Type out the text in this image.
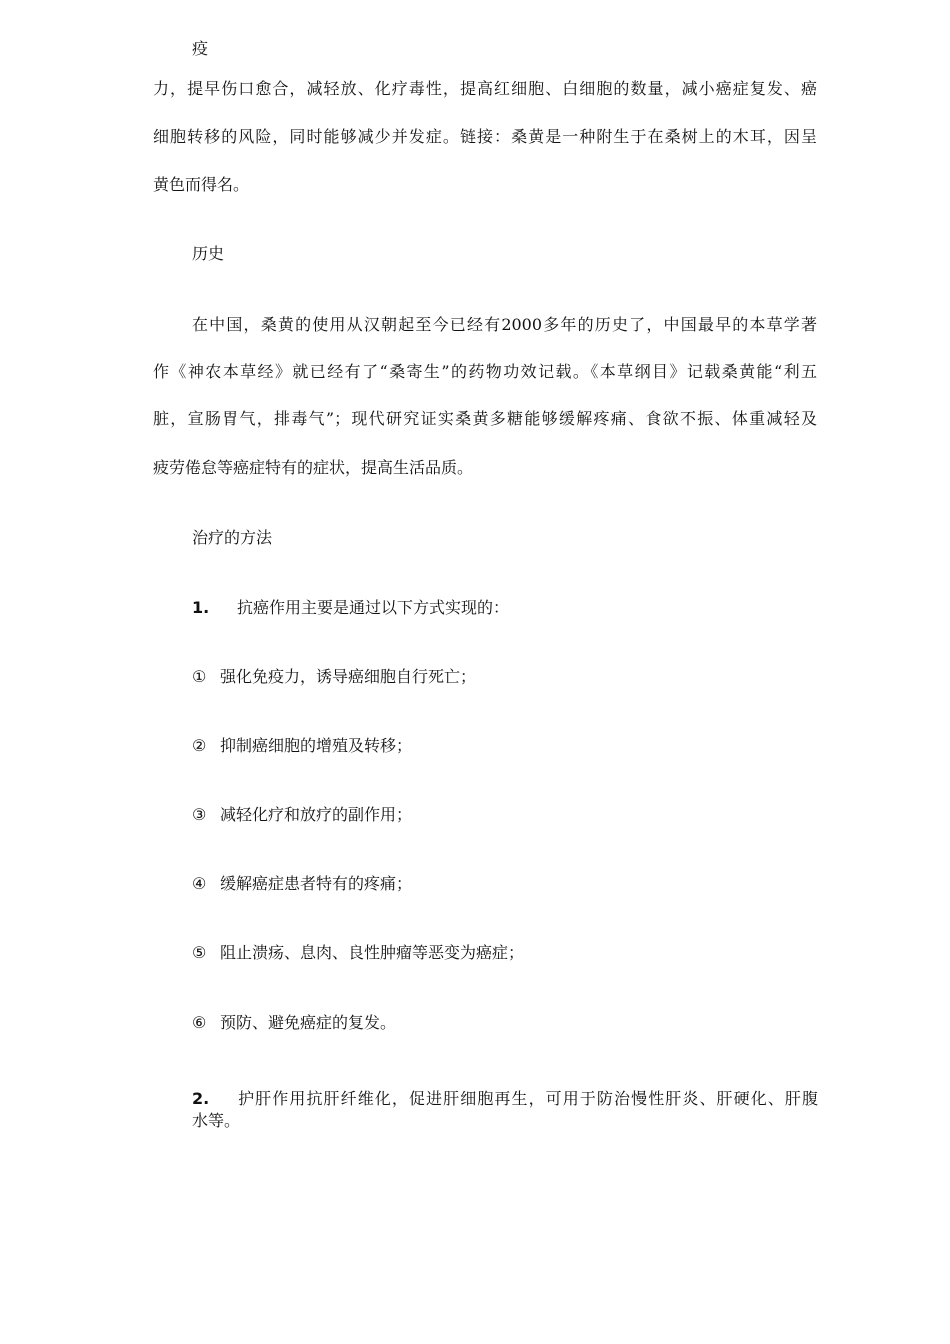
疫
力，提早伤口愈合，减轻放、化疗毒性，提高红细胞、白细胞的数量，减小癌症复发、癌
细胞转移的风险，同时能够减少并发症。链接：桑黄是一种附生于在桑树上的木耳，因呈
黄色而得名。
历史
在中国，桑黄的使用从汉朝起至今已经有2000多年的历史了，中国最早的本草学著
作《神农本草经》就已经有了“桑寄生”的药物功效记载。《本草纲目》记载桑黄能“利五
脏，宣肠胃气，排毒气”；现代研究证实桑黄多糖能够缓解疼痛、食欲不振、体重减轻及
疲劳倦怠等癌症特有的症状，提高生活品质。
治疗的方法
1. 抗癌作用主要是通过以下方式实现的：
① 强化免疫力，诱导癌细胞自行死亡；
② 抑制癌细胞的增殖及转移；
③ 减轻化疗和放疗的副作用；
④ 缓解癌症患者特有的疼痛；
⑤ 阻止溃疡、息肉、良性肿瘤等恶变为癌症；
⑥ 预防、避免癌症的复发。
2. 护肝作用抗肝纤维化，促进肝细胞再生，可用于防治慢性肝炎、肝硬化、肝腹
水等。
